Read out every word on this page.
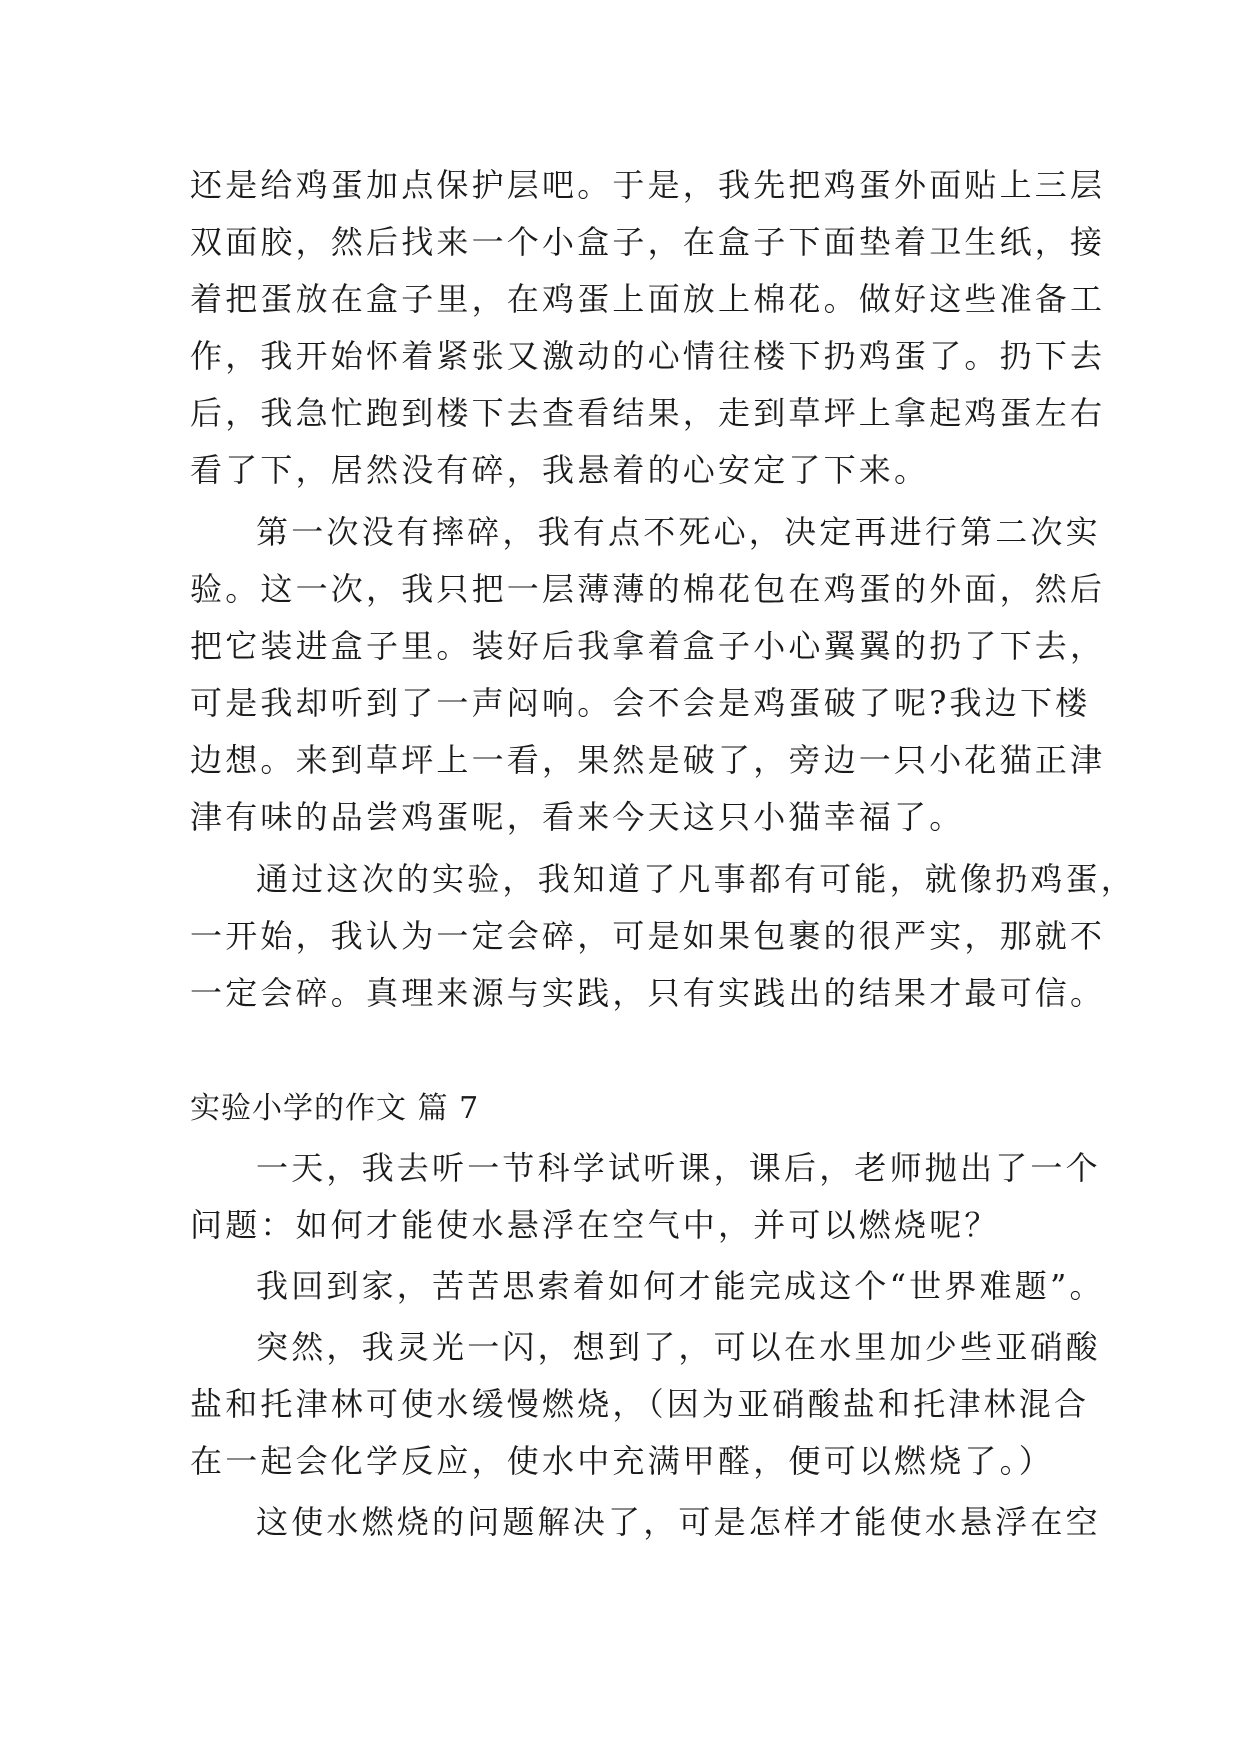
还是给鸡蛋加点保护层吧。于是，我先把鸡蛋外面贴上三层
双面胶，然后找来一个小盒子，在盒子下面垫着卫生纸，接
着把蛋放在盒子里，在鸡蛋上面放上棉花。做好这些准备工
作，我开始怀着紧张又激动的心情往楼下扔鸡蛋了。扔下去
后，我急忙跑到楼下去查看结果，走到草坪上拿起鸡蛋左右
看了下，居然没有碎，我悬着的心安定了下来。
第一次没有摔碎，我有点不死心，决定再进行第二次实
验。这一次，我只把一层薄薄的棉花包在鸡蛋的外面，然后
把它装进盒子里。装好后我拿着盒子小心翼翼的扔了下去，
可是我却听到了一声闷响。会不会是鸡蛋破了呢?我边下楼
边想。来到草坪上一看，果然是破了，旁边一只小花猫正津
津有味的品尝鸡蛋呢，看来今天这只小猫幸福了。
通过这次的实验，我知道了凡事都有可能，就像扔鸡蛋，
一开始，我认为一定会碎，可是如果包裹的很严实，那就不
一定会碎。真理来源与实践，只有实践出的结果才最可信。
实验小学的作文 篇 7
一天，我去听一节科学试听课，课后，老师抛出了一个
问题：如何才能使水悬浮在空气中，并可以燃烧呢？
我回到家，苦苦思索着如何才能完成这个“世界难题”。
突然，我灵光一闪，想到了，可以在水里加少些亚硝酸
盐和托津林可使水缓慢燃烧，（因为亚硝酸盐和托津林混合
在一起会化学反应，使水中充满甲醛，便可以燃烧了。）
这使水燃烧的问题解决了，可是怎样才能使水悬浮在空
